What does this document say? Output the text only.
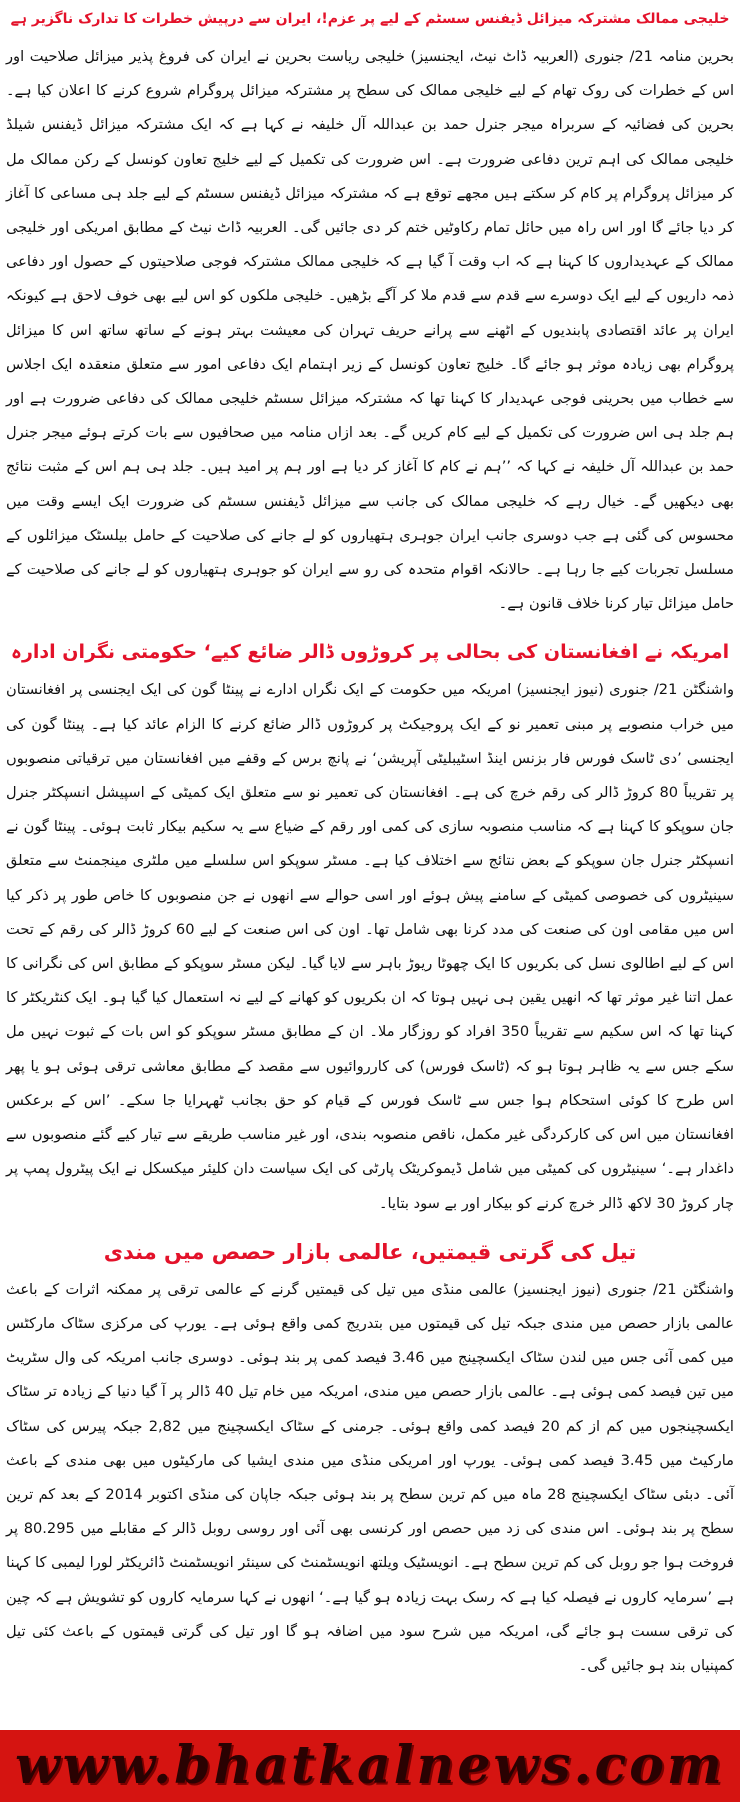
خلیجی ممالک مشترکہ میزائل ڈیفنس سسٹم کے لیے پر عزم!، ایران سے درپیش خطرات کا تدارک ناگزیر ہے

بحرین منامہ 21/ جنوری (العربیہ ڈاٹ نیٹ، ایجنسیز) خلیجی ریاست بحرین نے ایران کی فروغ پذیر میزائل صلاحیت اور اس کے خطرات کی روک تھام کے لیے خلیجی ممالک کی سطح پر مشترکہ میزائل پروگرام شروع کرنے کا اعلان کیا ہے۔ بحرین کی فضائیہ کے سربراہ میجر جنرل حمد بن عبداللہ آل خلیفہ نے کہا ہے کہ ایک مشترکہ میزائل ڈیفنس شیلڈ خلیجی ممالک کی اہم ترین دفاعی ضرورت ہے۔ اس ضرورت کی تکمیل کے لیے خلیج تعاون کونسل کے رکن ممالک مل کر میزائل پروگرام پر کام کر سکتے ہیں مجھے توقع ہے کہ مشترکہ میزائل ڈیفنس سسٹم کے لیے جلد ہی مساعی کا آغاز کر دیا جائے گا اور اس راہ میں حائل تمام رکاوٹیں ختم کر دی جائیں گی۔ العربیہ ڈاٹ نیٹ کے مطابق امریکی اور خلیجی ممالک کے عہدیداروں کا کہنا ہے کہ اب وقت آ گیا ہے کہ خلیجی ممالک مشترکہ فوجی صلاحیتوں کے حصول اور دفاعی ذمہ داریوں کے لیے ایک دوسرے سے قدم سے قدم ملا کر آگے بڑھیں۔ خلیجی ملکوں کو اس لیے بھی خوف لاحق ہے کیونکہ ایران پر عائد اقتصادی پابندیوں کے اٹھنے سے پرانے حریف تہران کی معیشت بہتر ہونے کے ساتھ ساتھ اس کا میزائل پروگرام بھی زیادہ موثر ہو جائے گا۔ خلیج تعاون کونسل کے زیر اہتمام ایک دفاعی امور سے متعلق منعقدہ ایک اجلاس سے خطاب میں بحرینی فوجی عہدیدار کا کہنا تھا کہ مشترکہ میزائل سسٹم خلیجی ممالک کی دفاعی ضرورت ہے اور ہم جلد ہی اس ضرورت کی تکمیل کے لیے کام کریں گے۔ بعد ازاں منامہ میں صحافیوں سے بات کرتے ہوئے میجر جنرل حمد بن عبداللہ آل خلیفہ نے کہا کہ ’’ہم نے کام کا آغاز کر دیا ہے اور ہم پر امید ہیں۔ جلد ہی ہم اس کے مثبت نتائج بھی دیکھیں گے۔ خیال رہے کہ خلیجی ممالک کی جانب سے میزائل ڈیفنس سسٹم کی ضرورت ایک ایسے وقت میں محسوس کی گئی ہے جب دوسری جانب ایران جوہری ہتھیاروں کو لے جانے کی صلاحیت کے حامل بیلسٹک میزائلوں کے مسلسل تجربات کیے جا رہا ہے۔ حالانکہ اقوام متحدہ کی رو سے ایران کو جوہری ہتھیاروں کو لے جانے کی صلاحیت کے حامل میزائل تیار کرنا خلاف قانون ہے۔

امریکہ نے افغانستان کی بحالی پر کروڑوں ڈالر ضائع کیے‘ حکومتی نگران ادارہ

واشنگٹن 21/ جنوری (نیوز ایجنسیز) امریکہ میں حکومت کے ایک نگراں ادارے نے پینٹا گون کی ایک ایجنسی پر افغانستان میں خراب منصوبے پر مبنی تعمیر نو کے ایک پروجیکٹ پر کروڑوں ڈالر ضائع کرنے کا الزام عائد کیا ہے۔ پینٹا گون کی ایجنسی ’دی ٹاسک فورس فار بزنس اینڈ اسٹیبلیٹی آپریشن‘ نے پانچ برس کے وقفے میں افغانستان میں ترقیاتی منصوبوں پر تقریباً 80 کروڑ ڈالر کی رقم خرچ کی ہے۔ افغانستان کی تعمیر نو سے متعلق ایک کمیٹی کے اسپیشل انسپکٹر جنرل جان سوپکو کا کہنا ہے کہ مناسب منصوبہ سازی کی کمی اور رقم کے ضیاع سے یہ سکیم بیکار ثابت ہوئی۔ پینٹا گون نے انسپکٹر جنرل جان سوپکو کے بعض نتائج سے اختلاف کیا ہے۔ مسٹر سوپکو اس سلسلے میں ملٹری مینجمنٹ سے متعلق سینیٹروں کی خصوصی کمیٹی کے سامنے پیش ہوئے اور اسی حوالے سے انھوں نے جن منصوبوں کا خاص طور پر ذکر کیا اس میں مقامی اون کی صنعت کی مدد کرنا بھی شامل تھا۔ اون کی اس صنعت کے لیے 60 کروڑ ڈالر کی رقم کے تحت اس کے لیے اطالوی نسل کی بکریوں کا ایک چھوٹا ریوڑ باہر سے لایا گیا۔ لیکن مسٹر سوپکو کے مطابق اس کی نگرانی کا عمل اتنا غیر موثر تھا کہ انھیں یقین ہی نہیں ہوتا کہ ان بکریوں کو کھانے کے لیے نہ استعمال کیا گیا ہو۔ ایک کنٹریکٹر کا کہنا تھا کہ اس سکیم سے تقریباً 350 افراد کو روزگار ملا۔ ان کے مطابق مسٹر سوپکو کو اس بات کے ثبوت نہیں مل سکے جس سے یہ ظاہر ہوتا ہو کہ (ٹاسک فورس) کی کارروائیوں سے مقصد کے مطابق معاشی ترقی ہوئی ہو یا پھر اس طرح کا کوئی استحکام ہوا جس سے ٹاسک فورس کے قیام کو حق بجانب ٹھہرایا جا سکے۔ ’اس کے برعکس افغانستان میں اس کی کارکردگی غیر مکمل، ناقص منصوبہ بندی، اور غیر مناسب طریقے سے تیار کیے گئے منصوبوں سے داغدار ہے۔‘ سینیٹروں کی کمیٹی میں شامل ڈیموکریٹک پارٹی کی ایک سیاست دان کلیئر میکسکل نے ایک پیٹرول پمپ پر چار کروڑ 30 لاکھ ڈالر خرچ کرنے کو بیکار اور بے سود بتایا۔

تیل کی گرتی قیمتیں، عالمی بازار حصص میں مندی

واشنگٹن 21/ جنوری (نیوز ایجنسیز) عالمی منڈی میں تیل کی قیمتیں گرنے کے عالمی ترقی پر ممکنہ اثرات کے باعث عالمی بازار حصص میں مندی جبکہ تیل کی قیمتوں میں بتدریج کمی واقع ہوئی ہے۔ یورپ کی مرکزی سٹاک مارکٹس میں کمی آئی جس میں لندن سٹاک ایکسچینج میں 3.46 فیصد کمی پر بند ہوئی۔ دوسری جانب امریکہ کی وال سٹریٹ میں تین فیصد کمی ہوئی ہے۔ عالمی بازار حصص میں مندی، امریکہ میں خام تیل 40 ڈالر پر آ گیا دنیا کے زیادہ تر سٹاک ایکسچینجوں میں کم از کم 20 فیصد کمی واقع ہوئی۔ جرمنی کے سٹاک ایکسچینج میں 2,82 جبکہ پیرس کی سٹاک مارکیٹ میں 3.45 فیصد کمی ہوئی۔ یورپ اور امریکی منڈی میں مندی ایشیا کی مارکیٹوں میں بھی مندی کے باعث آئی۔ دبئی سٹاک ایکسچینج 28 ماہ میں کم ترین سطح پر بند ہوئی جبکہ جاپان کی منڈی اکتوبر 2014 کے بعد کم ترین سطح پر بند ہوئی۔ اس مندی کی زد میں حصص اور کرنسی بھی آئی اور روسی روبل ڈالر کے مقابلے میں 80.295 پر فروخت ہوا جو روبل کی کم ترین سطح ہے۔ انویسٹیک ویلتھ انویسٹمنٹ کی سینئر انویسٹمنٹ ڈائریکٹر لورا لیمبی کا کہنا ہے ’سرمایہ کاروں نے فیصلہ کیا ہے کہ رسک بہت زیادہ ہو گیا ہے۔‘ انھوں نے کہا سرمایہ کاروں کو تشویش ہے کہ چین کی ترقی سست ہو جائے گی، امریکہ میں شرح سود میں اضافہ ہو گا اور تیل کی گرتی قیمتوں کے باعث کئی تیل کمپنیاں بند ہو جائیں گی۔

www.bhatkalnews.com
